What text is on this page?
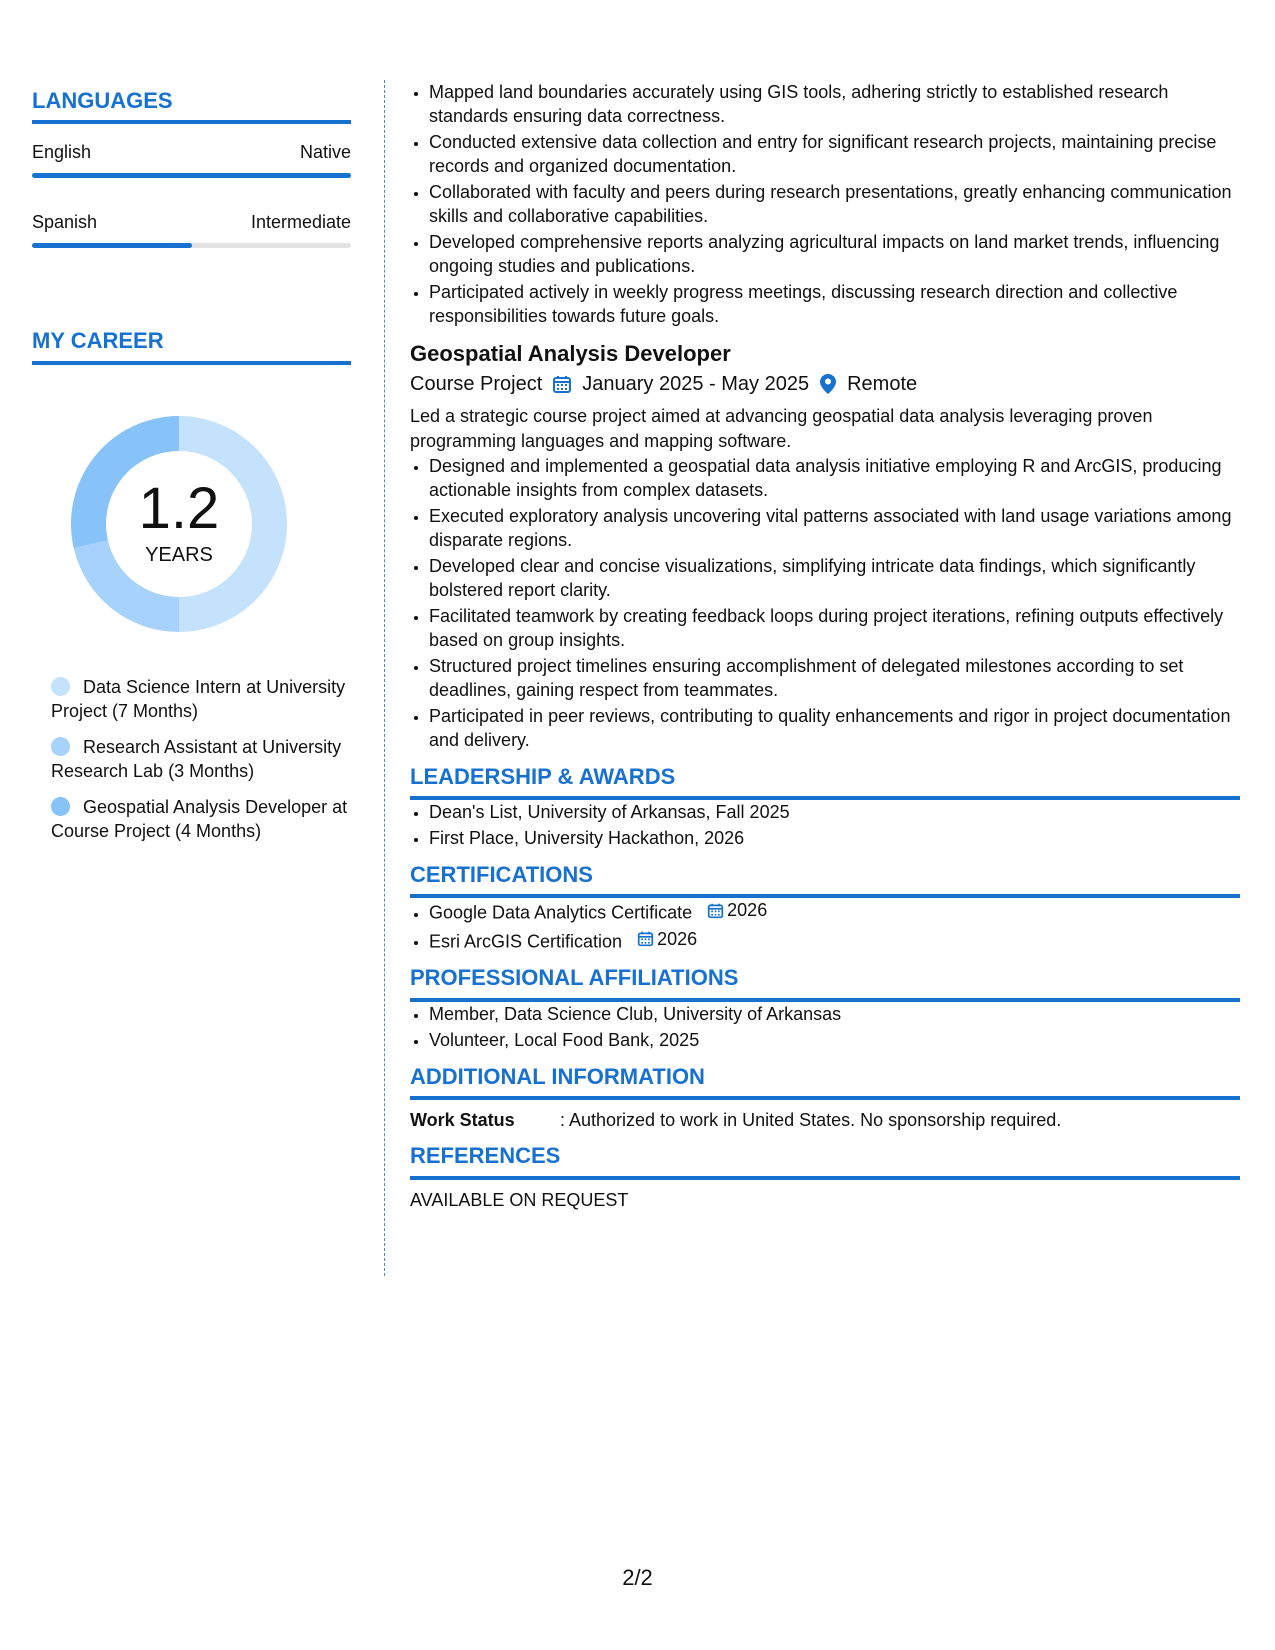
LANGUAGES
English	Native
Spanish	Intermediate
MY CAREER
1.2
YEARS
Data Science Intern at University Project (7 Months)
Research Assistant at University Research Lab (3 Months)
Geospatial Analysis Developer at Course Project (4 Months)
• Mapped land boundaries accurately using GIS tools, adhering strictly to established research standards ensuring data correctness.
• Conducted extensive data collection and entry for significant research projects, maintaining precise records and organized documentation.
• Collaborated with faculty and peers during research presentations, greatly enhancing communication skills and collaborative capabilities.
• Developed comprehensive reports analyzing agricultural impacts on land market trends, influencing ongoing studies and publications.
• Participated actively in weekly progress meetings, discussing research direction and collective responsibilities towards future goals.
Geospatial Analysis Developer
Course Project January 2025 - May 2025 Remote
Led a strategic course project aimed at advancing geospatial data analysis leveraging proven programming languages and mapping software.
• Designed and implemented a geospatial data analysis initiative employing R and ArcGIS, producing actionable insights from complex datasets.
• Executed exploratory analysis uncovering vital patterns associated with land usage variations among disparate regions.
• Developed clear and concise visualizations, simplifying intricate data findings, which significantly bolstered report clarity.
• Facilitated teamwork by creating feedback loops during project iterations, refining outputs effectively based on group insights.
• Structured project timelines ensuring accomplishment of delegated milestones according to set deadlines, gaining respect from teammates.
• Participated in peer reviews, contributing to quality enhancements and rigor in project documentation and delivery.
LEADERSHIP & AWARDS
• Dean's List, University of Arkansas, Fall 2025
• First Place, University Hackathon, 2026
CERTIFICATIONS
• Google Data Analytics Certificate 2026
• Esri ArcGIS Certification 2026
PROFESSIONAL AFFILIATIONS
• Member, Data Science Club, University of Arkansas
• Volunteer, Local Food Bank, 2025
ADDITIONAL INFORMATION
Work Status	: Authorized to work in United States. No sponsorship required.
REFERENCES
AVAILABLE ON REQUEST
2/2
